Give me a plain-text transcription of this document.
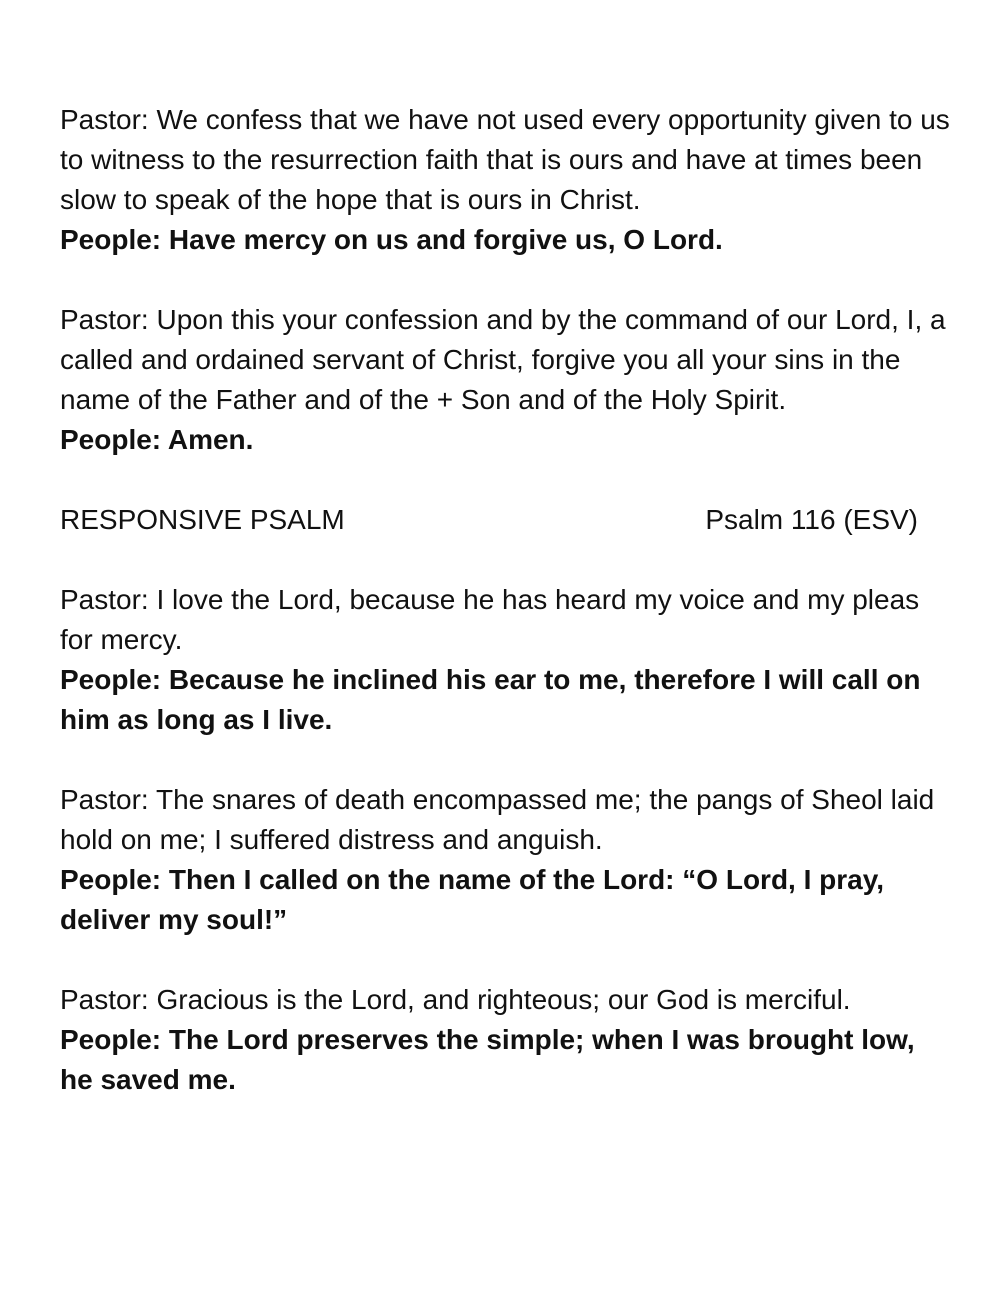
Pastor: We confess that we have not used every opportunity given to us to witness to the resurrection faith that is ours and have at times been slow to speak of the hope that is ours in Christ.

People: Have mercy on us and forgive us, O Lord.

Pastor: Upon this your confession and by the command of our Lord, I, a called and ordained servant of Christ, forgive you all your sins in the name of the Father and of the + Son and of the Holy Spirit.

People: Amen.

RESPONSIVE PSALM	Psalm 116 (ESV)

Pastor: I love the Lord, because he has heard my voice and my pleas for mercy.

People: Because he inclined his ear to me, therefore I will call on him as long as I live.

Pastor: The snares of death encompassed me; the pangs of Sheol laid hold on me; I suffered distress and anguish.

People: Then I called on the name of the Lord: “O Lord, I pray, deliver my soul!”

Pastor: Gracious is the Lord, and righteous; our God is merciful.

People: The Lord preserves the simple; when I was brought low, he saved me.
